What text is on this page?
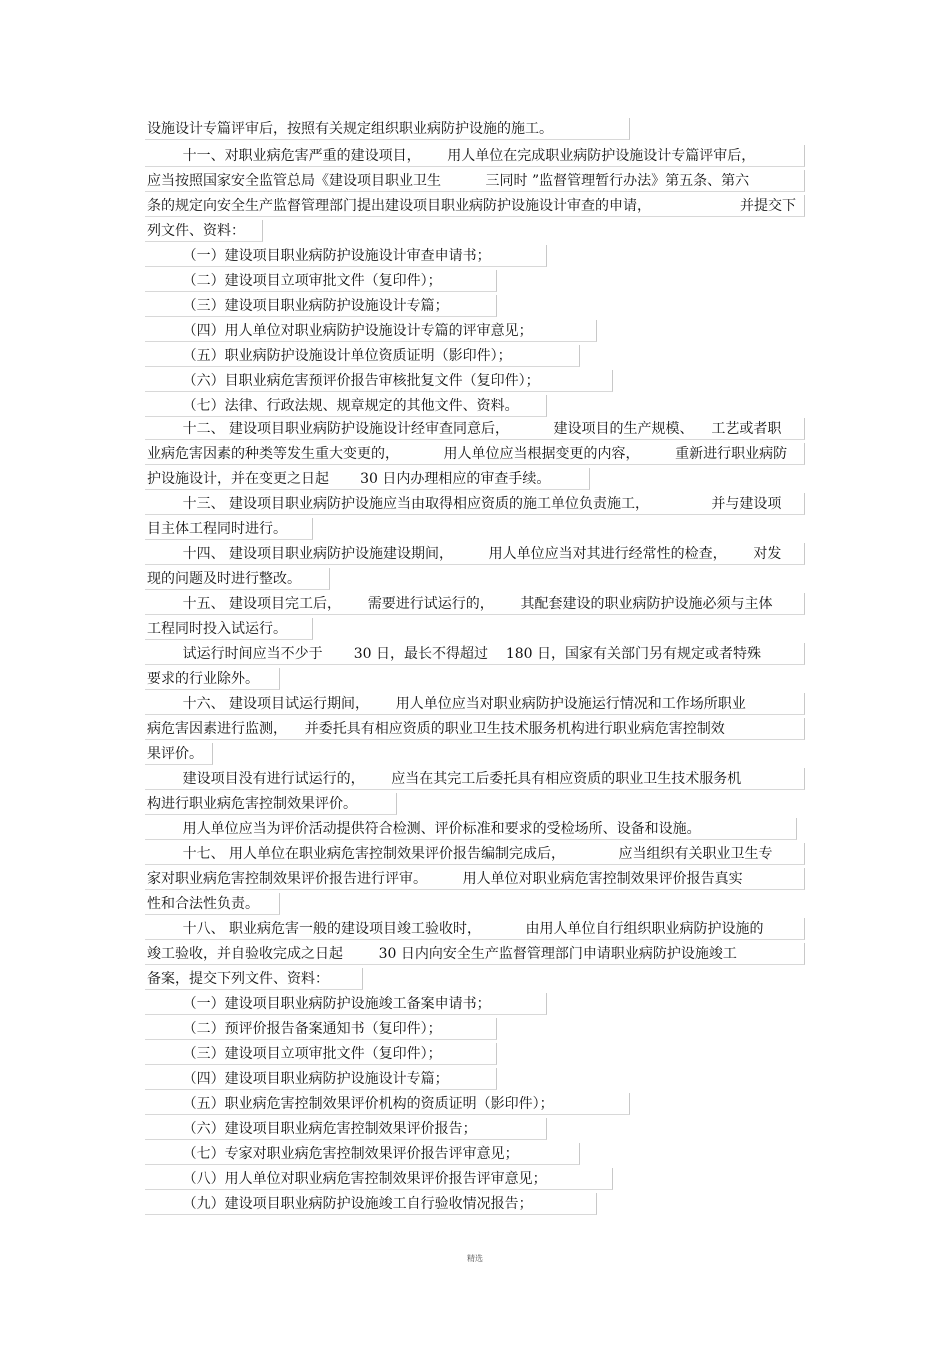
设施设计专篇评审后，按照有关规定组织职业病防护设施的施工。
十一、对职业病危害严重的建设项目，      用人单位在完成职业病防护设施设计专篇评审后，
应当按照国家安全监管总局《建设项目职业卫生          三同时 ”监督管理暂行办法》第五条、第六
条的规定向安全生产监督管理部门提出建设项目职业病防护设施设计审查的申请，                    并提交下
列文件、资料：
（一）建设项目职业病防护设施设计审查申请书；
（二）建设项目立项审批文件（复印件）；
（三）建设项目职业病防护设施设计专篇；
（四）用人单位对职业病防护设施设计专篇的评审意见；
（五）职业病防护设施设计单位资质证明（影印件）；
（六）目职业病危害预评价报告审核批复文件（复印件）；
（七）法律、行政法规、规章规定的其他文件、资料。
十二、 建设项目职业病防护设施设计经审查同意后，          建设项目的生产规模、    工艺或者职
业病危害因素的种类等发生重大变更的，          用人单位应当根据变更的内容，        重新进行职业病防
护设施设计，并在变更之日起       30 日内办理相应的审查手续。
十三、 建设项目职业病防护设施应当由取得相应资质的施工单位负责施工，              并与建设项
目主体工程同时进行。
十四、 建设项目职业病防护设施建设期间，        用人单位应当对其进行经常性的检查，      对发
现的问题及时进行整改。
十五、 建设项目完工后，      需要进行试运行的，      其配套建设的职业病防护设施必须与主体
工程同时投入试运行。
试运行时间应当不少于       30 日，最长不得超过    180 日，国家有关部门另有规定或者特殊
要求的行业除外。
十六、 建设项目试运行期间，      用人单位应当对职业病防护设施运行情况和工作场所职业
病危害因素进行监测，    并委托具有相应资质的职业卫生技术服务机构进行职业病危害控制效
果评价。
建设项目没有进行试运行的，      应当在其完工后委托具有相应资质的职业卫生技术服务机
构进行职业病危害控制效果评价。
用人单位应当为评价活动提供符合检测、评价标准和要求的受检场所、设备和设施。
十七、 用人单位在职业病危害控制效果评价报告编制完成后，            应当组织有关职业卫生专
家对职业病危害控制效果评价报告进行评审。        用人单位对职业病危害控制效果评价报告真实
性和合法性负责。
十八、 职业病危害一般的建设项目竣工验收时，          由用人单位自行组织职业病防护设施的
竣工验收，并自验收完成之日起        30 日内向安全生产监督管理部门申请职业病防护设施竣工
备案，提交下列文件、资料：
（一）建设项目职业病防护设施竣工备案申请书；
（二）预评价报告备案通知书（复印件）；
（三）建设项目立项审批文件（复印件）；
（四）建设项目职业病防护设施设计专篇；
（五）职业病危害控制效果评价机构的资质证明（影印件）；
（六）建设项目职业病危害控制效果评价报告；
（七）专家对职业病危害控制效果评价报告评审意见；
（八）用人单位对职业病危害控制效果评价报告评审意见；
（九）建设项目职业病防护设施竣工自行验收情况报告；
精选
